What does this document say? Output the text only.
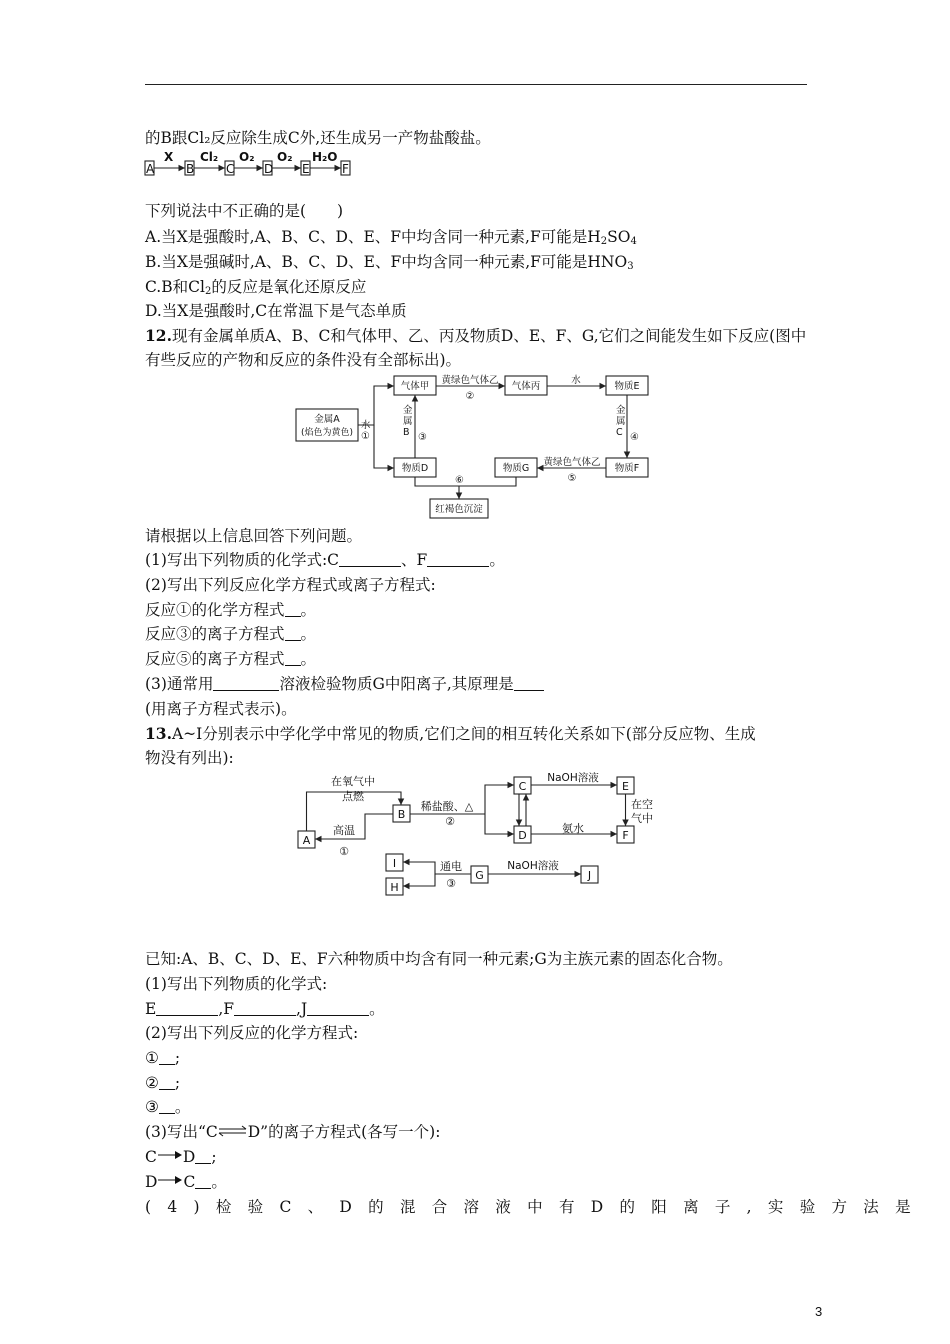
的B跟Cl₂反应除生成C外,还生成另一产物盐酸盐。
A	B	C D E	F
X Cl₂ O₂ O₂ H₂O
下列说法中不正确的是(　　)
A.当X是强酸时,A、B、C、D、E、F中均含同一种元素,F可能是$H_2SO_4$
B.当X是强碱时,A、B、C、D、E、F中均含同一种元素,F可能是$HNO_3$
C.B和$Cl_2$的反应是氧化还原反应
D.当X是强酸时,C在常温下是气态单质
12.现有金属单质A、B、C和气体甲、乙、丙及物质D、E、F、G,它们之间能发生如下反应(图中
有些反应的产物和反应的条件没有全部标出)。
金属A
(焰色为黄色)
气体甲	气体丙	物质E
物质D	物质G	物质F
红褐色沉淀
水
①
金
属
B ③
黄绿色气体乙
②
水
金
属
C ④
黄绿色气体乙
⑤
⑥
请根据以上信息回答下列问题。
(1)写出下列物质的化学式:C	、F	。
(2)写出下列反应化学方程式或离子方程式:
反应①的化学方程式 。
反应③的离子方程式 。
反应⑤的离子方程式 。
(3)通常用	溶液检验物质G中阳离子,其原理是
(用离子方程式表示)。
13.A~I分别表示中学化学中常见的物质,它们之间的相互转化关系如下(部分反应物、生成
物没有列出):
A
B
C
D
E
F
I
H
G	J
在氧气中
点燃
高温
①
稀盐酸、△
②
NaOH溶液
在空
气中
氨水
通电
③
NaOH溶液
已知:A、B、C、D、E、F六种物质中均含有同一种元素;G为主族元素的固态化合物。
(1)写出下列物质的化学式:
E	,F	,J	。
(2)写出下列反应的化学方程式:
① ;
② ;
③ 。
(3)写出“C⇌D”的离子方程式(各写一个):
C D ;
D C 。
(4)检验C、D的混合溶液中有D的阳离子,实验方法是
3
